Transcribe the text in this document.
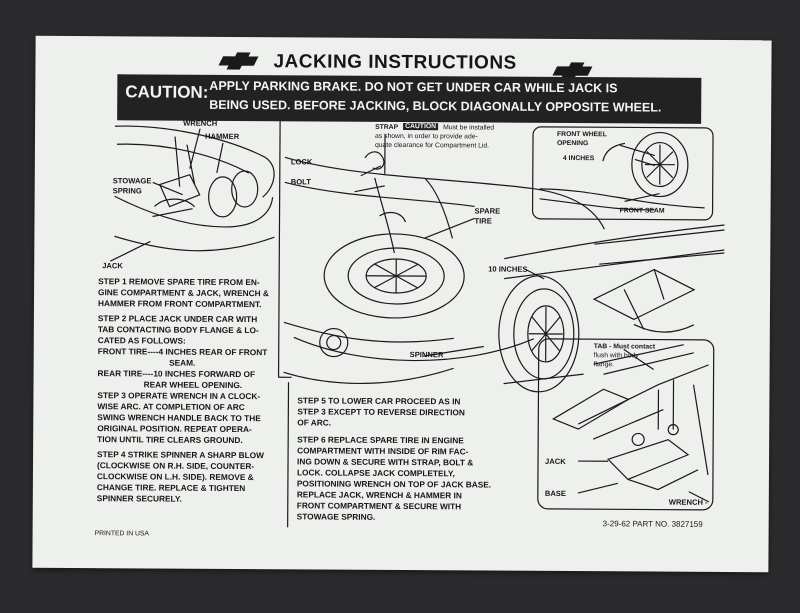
JACKING INSTRUCTIONS
CAUTION: APPLY PARKING BRAKE. DO NOT GET UNDER CAR WHILE JACK IS
BEING USED. BEFORE JACKING, BLOCK DIAGONALLY OPPOSITE WHEEL.
WRENCH
HAMMER
STOWAGE
SPRING
JACK
LOCK
BOLT
STRAP CAUTION Must be installed
as shown, in order to provide ade-
quate clearance for Compartment Lid.
SPARE
TIRE
FRONT WHEEL
OPENING
4 INCHES
FRONT SEAM
10 INCHES
SPINNER
TAB - Must contact
flush with body
flange.
JACK
BASE
WRENCH -

STEP 1 REMOVE SPARE TIRE FROM EN-

GINE COMPARTMENT & JACK, WRENCH &

HAMMER FROM FRONT COMPARTMENT.

STEP 2 PLACE JACK UNDER CAR WITH

TAB CONTACTING BODY FLANGE & LO-

CATED AS FOLLOWS:

FRONT TIRE----4 INCHES REAR OF FRONT

SEAM.

REAR TIRE----10 INCHES FORWARD OF

REAR WHEEL OPENING.

STEP 3 OPERATE WRENCH IN A CLOCK-

WISE ARC. AT COMPLETION OF ARC

SWING WRENCH HANDLE BACK TO THE

ORIGINAL POSITION. REPEAT OPERA-

TION UNTIL TIRE CLEARS GROUND.

STEP 4 STRIKE SPINNER A SHARP BLOW

(CLOCKWISE ON R.H. SIDE, COUNTER-

CLOCKWISE ON L.H. SIDE). REMOVE &

CHANGE TIRE. REPLACE & TIGHTEN

SPINNER SECURELY.

STEP 5 TO LOWER CAR PROCEED AS IN

STEP 3 EXCEPT TO REVERSE DIRECTION

OF ARC.

STEP 6 REPLACE SPARE TIRE IN ENGINE

COMPARTMENT WITH INSIDE OF RIM FAC-

ING DOWN & SECURE WITH STRAP, BOLT &

LOCK. COLLAPSE JACK COMPLETELY,

POSITIONING WRENCH ON TOP OF JACK BASE.

REPLACE JACK, WRENCH & HAMMER IN

FRONT COMPARTMENT & SECURE WITH

STOWAGE SPRING.

PRINTED IN USA
3-29-62 PART NO. 3827159
